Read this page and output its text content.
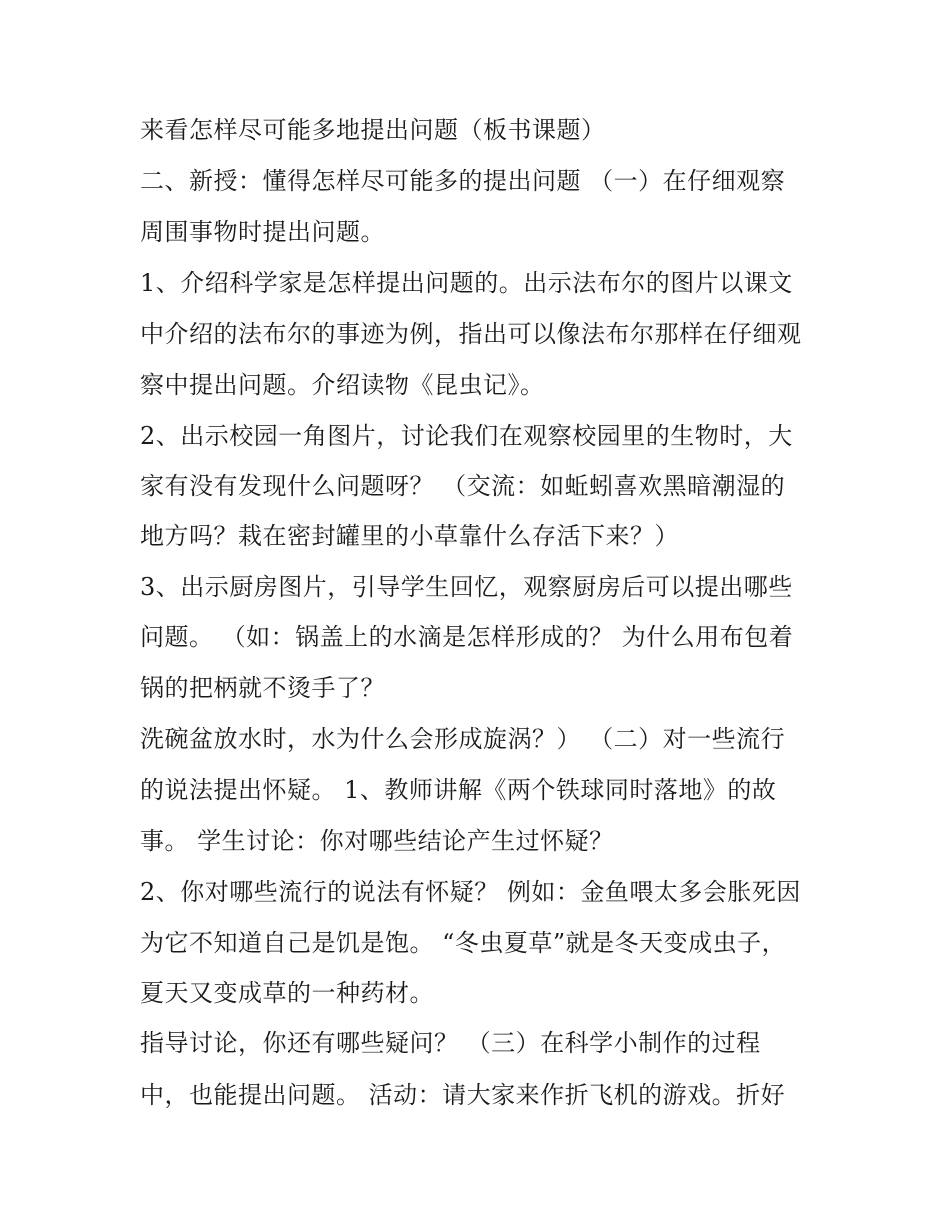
来看怎样尽可能多地提出问题（板书课题）
二、新授：懂得怎样尽可能多的提出问题 （一）在仔细观察
周围事物时提出问题。
1、介绍科学家是怎样提出问题的。出示法布尔的图片以课文
中介绍的法布尔的事迹为例，指出可以像法布尔那样在仔细观
察中提出问题。介绍读物《昆虫记》。
2、出示校园一角图片，讨论我们在观察校园里的生物时，大
家有没有发现什么问题呀？ （交流：如蚯蚓喜欢黑暗潮湿的
地方吗？栽在密封罐里的小草靠什么存活下来？）
3、出示厨房图片，引导学生回忆，观察厨房后可以提出哪些
问题。 （如：锅盖上的水滴是怎样形成的？ 为什么用布包着
锅的把柄就不烫手了？
洗碗盆放水时，水为什么会形成旋涡？） （二）对一些流行
的说法提出怀疑。 1、教师讲解《两个铁球同时落地》的故
事。 学生讨论：你对哪些结论产生过怀疑？
2、你对哪些流行的说法有怀疑？ 例如：金鱼喂太多会胀死因
为它不知道自己是饥是饱。 “冬虫夏草”就是冬天变成虫子，
夏天又变成草的一种药材。
指导讨论，你还有哪些疑问？ （三）在科学小制作的过程
中，也能提出问题。 活动：请大家来作折飞机的游戏。折好
